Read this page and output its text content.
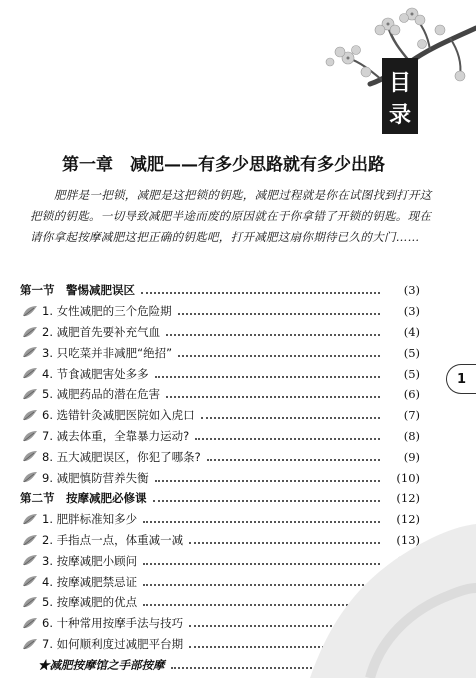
目
录
第一章　减肥——有多少思路就有多少出路
肥胖是一把锁，减肥是这把锁的钥匙，减肥过程就是你在试图找到打开这把锁的钥匙。一切导致减肥半途而废的原因就在于你拿错了开锁的钥匙。现在请你拿起按摩减肥这把正确的钥匙吧，打开减肥这扇你期待已久的大门……
第一节　警惕减肥误区	(3)
1. 女性减肥的三个危险期	(3)
2. 减肥首先要补充气血	(4)
3. 只吃菜并非减肥“绝招”	(5)
4. 节食减肥害处多多	(5)
5. 减肥药品的潜在危害	(6)
6. 选错针灸减肥医院如入虎口	(7)
7. 减去体重，全靠暴力运动?	(8)
8. 五大减肥误区，你犯了哪条?	(9)
9. 减肥慎防营养失衡	(10)
第二节　按摩减肥必修课	(12)
1. 肥胖标准知多少	(12)
2. 手指点一点，体重减一减	(13)
3. 按摩减肥小顾问
4. 按摩减肥禁忌证
5. 按摩减肥的优点
6. 十种常用按摩手法与技巧
7. 如何顺利度过减肥平台期
★减肥按摩馆之手部按摩
1
